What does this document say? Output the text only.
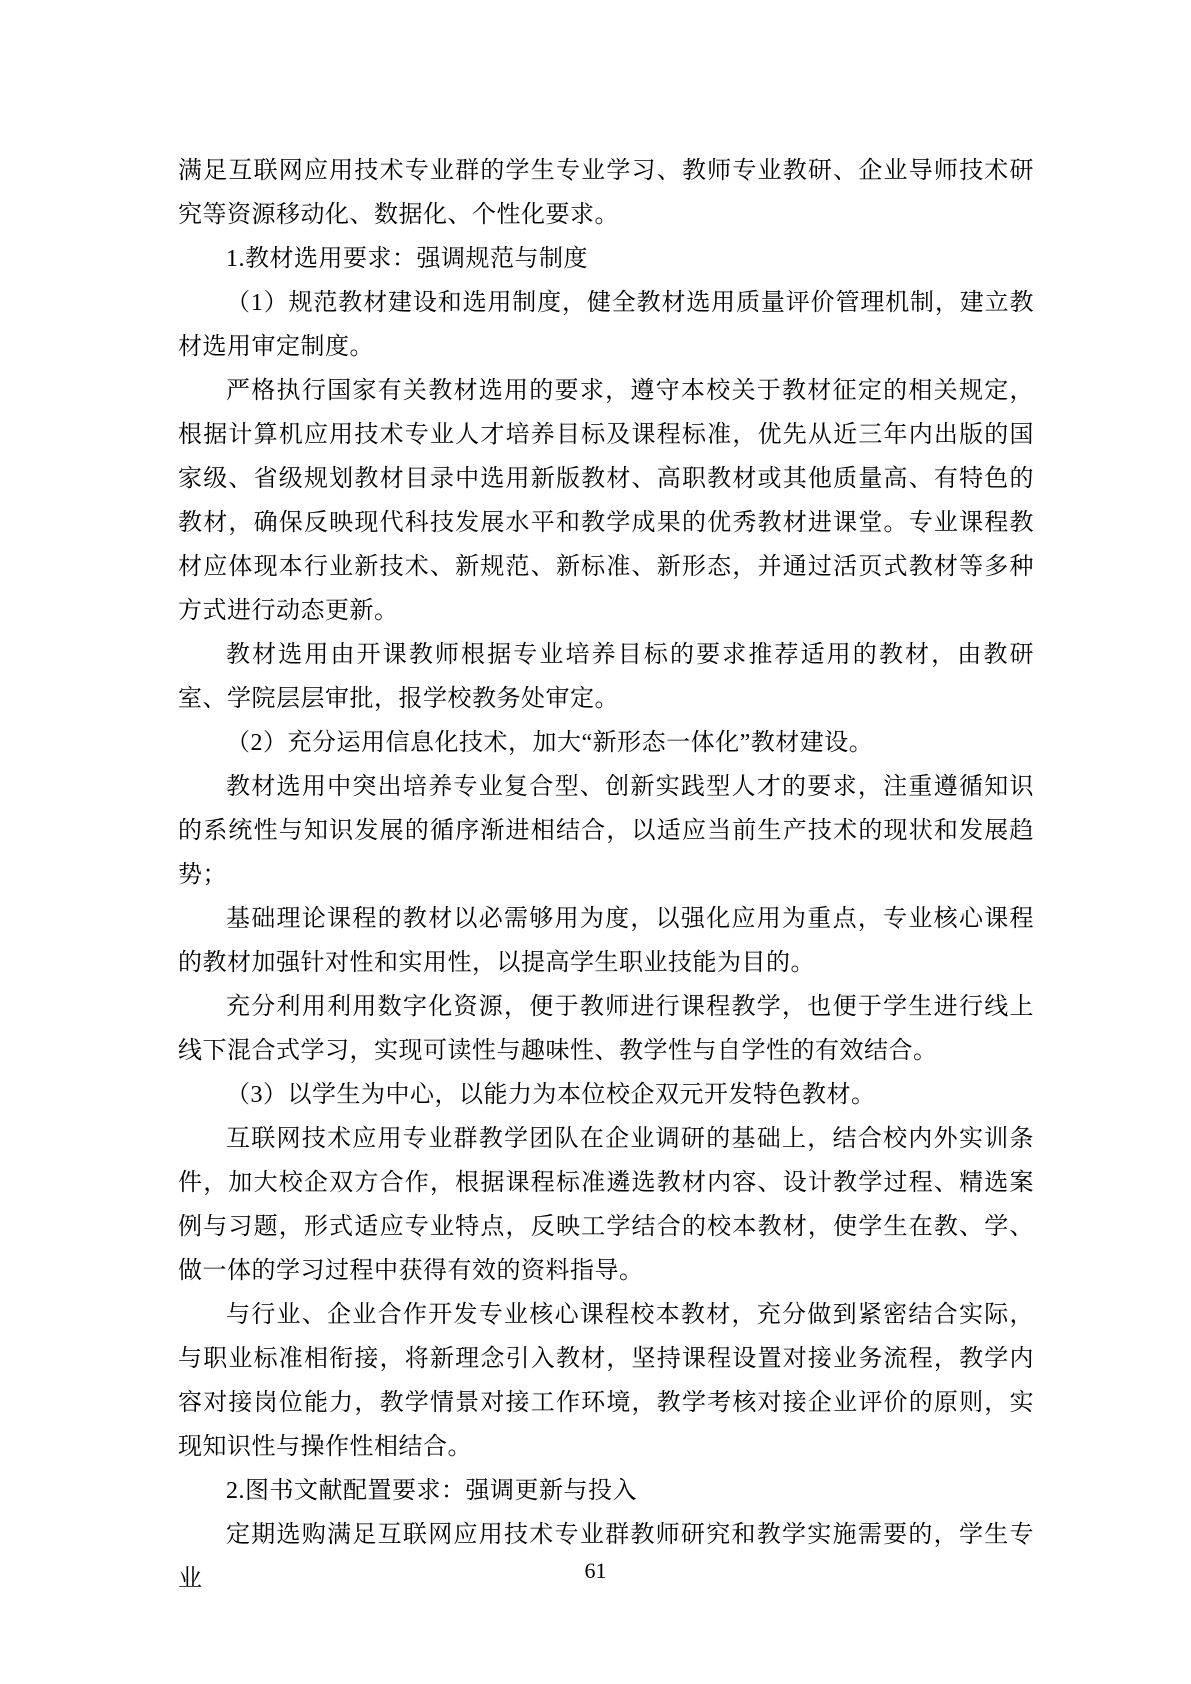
满足互联网应用技术专业群的学生专业学习、教师专业教研、企业导师技术研究等资源移动化、数据化、个性化要求。

1.教材选用要求：强调规范与制度

（1）规范教材建设和选用制度，健全教材选用质量评价管理机制，建立教材选用审定制度。

严格执行国家有关教材选用的要求，遵守本校关于教材征定的相关规定，根据计算机应用技术专业人才培养目标及课程标准，优先从近三年内出版的国家级、省级规划教材目录中选用新版教材、高职教材或其他质量高、有特色的教材，确保反映现代科技发展水平和教学成果的优秀教材进课堂。专业课程教材应体现本行业新技术、新规范、新标准、新形态，并通过活页式教材等多种方式进行动态更新。

教材选用由开课教师根据专业培养目标的要求推荐适用的教材，由教研室、学院层层审批，报学校教务处审定。

（2）充分运用信息化技术，加大“新形态一体化”教材建设。

教材选用中突出培养专业复合型、创新实践型人才的要求，注重遵循知识的系统性与知识发展的循序渐进相结合，以适应当前生产技术的现状和发展趋势；

基础理论课程的教材以必需够用为度，以强化应用为重点，专业核心课程的教材加强针对性和实用性，以提高学生职业技能为目的。

充分利用利用数字化资源，便于教师进行课程教学，也便于学生进行线上线下混合式学习，实现可读性与趣味性、教学性与自学性的有效结合。

（3）以学生为中心，以能力为本位校企双元开发特色教材。

互联网技术应用专业群教学团队在企业调研的基础上，结合校内外实训条件，加大校企双方合作，根据课程标准遴选教材内容、设计教学过程、精选案例与习题，形式适应专业特点，反映工学结合的校本教材，使学生在教、学、做一体的学习过程中获得有效的资料指导。

与行业、企业合作开发专业核心课程校本教材，充分做到紧密结合实际，与职业标准相衔接，将新理念引入教材，坚持课程设置对接业务流程，教学内容对接岗位能力，教学情景对接工作环境，教学考核对接企业评价的原则，实现知识性与操作性相结合。

2.图书文献配置要求：强调更新与投入

定期选购满足互联网应用技术专业群教师研究和教学实施需要的，学生专业	61
